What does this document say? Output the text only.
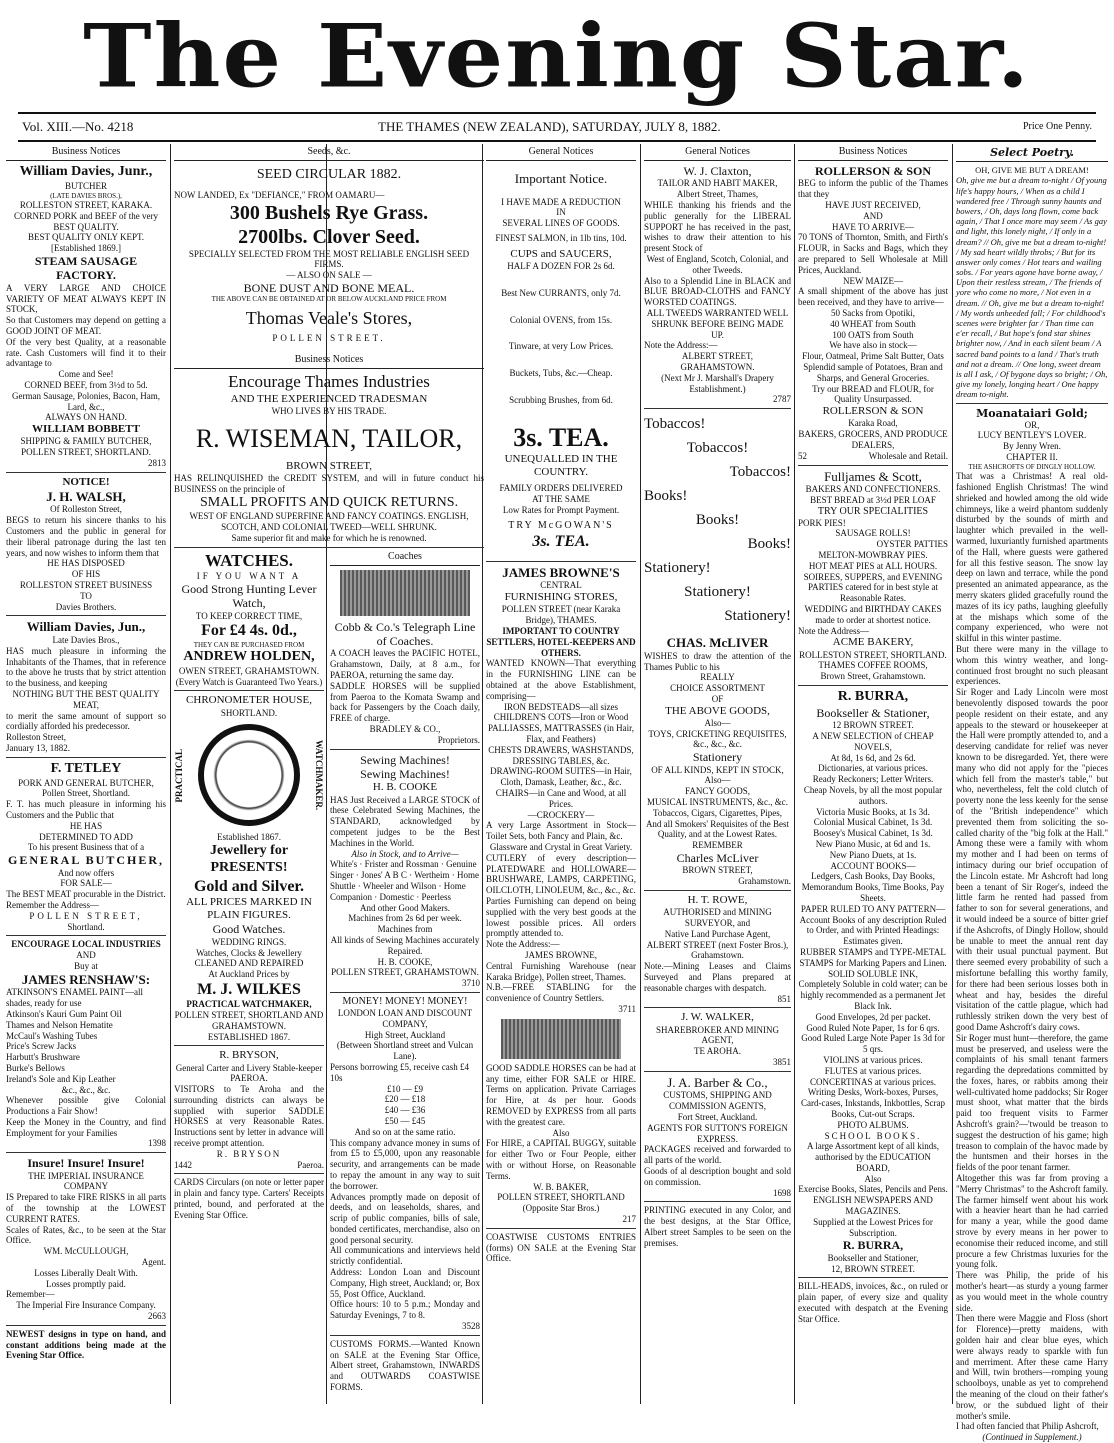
The Evening Star.
Vol. XIII.—No. 4218	THE THAMES (NEW ZEALAND), SATURDAY, JULY 8, 1882.	Price One Penny.
Business Notices
William Davies, Junr.,
BUTCHER
(LATE DAVIES BROS.),
ROLLESTON STREET, KARAKA.
CORNED PORK and BEEF of the very BEST QUALITY.
BEST QUALITY ONLY KEPT.
[Established 1869.]
STEAM SAUSAGE FACTORY.
A VERY LARGE AND CHOICE VARIETY OF MEAT ALWAYS KEPT IN STOCK,
So that Customers may depend on getting a GOOD JOINT OF MEAT.
Of the very best Quality, at a reasonable rate. Cash Customers will find it to their advantage to
Come and See!
CORNED BEEF, from 3½d to 5d.
German Sausage, Polonies, Bacon, Ham, Lard, &c.,
ALWAYS ON HAND.
WILLIAM BOBBETT
SHIPPING & FAMILY BUTCHER, POLLEN STREET, SHORTLAND.
2813
NOTICE!
J. H. WALSH,
Of Rolleston Street,
BEGS to return his sincere thanks to his Customers and the public in general for their liberal patronage during the last ten years, and now wishes to inform them that
HE HAS DISPOSED
OF HIS
ROLLESTON STREET BUSINESS
TO
Davies Brothers.
William Davies, Jun.,
Late Davies Bros.,
HAS much pleasure in informing the Inhabitants of the Thames, that in reference to the above he trusts that by strict attention to the business, and keeping
NOTHING BUT THE BEST QUALITY MEAT,
to merit the same amount of support so cordially afforded his predecessor.
Rolleston Street,
January 13, 1882.
F. TETLEY
PORK AND GENERAL BUTCHER,
Pollen Street, Shortland.
F. T. has much pleasure in informing his Customers and the Public that
HE HAS
DETERMINED TO ADD
To his present Business that of a
GENERAL BUTCHER,
And now offers
FOR SALE—
The BEST MEAT procurable in the District.
Remember the Address—
POLLEN STREET,
Shortland.
ENCOURAGE LOCAL INDUSTRIES
AND
Buy at
JAMES RENSHAW'S:
ATKINSON'S ENAMEL PAINT—all shades, ready for use
Atkinson's Kauri Gum Paint Oil
Thames and Nelson Hematite
McCaul's Washing Tubes
Price's Screw Jacks
Harbutt's Brushware
Burke's Bellows
Ireland's Sole and Kip Leather
&c., &c., &c.
Whenever possible give Colonial Productions a Fair Show!
Keep the Money in the Country, and find Employment for your Families
1398
Insure! Insure! Insure!
THE IMPERIAL INSURANCE COMPANY
IS Prepared to take FIRE RISKS in all parts of the township at the LOWEST CURRENT RATES.
Scales of Rates, &c., to be seen at the Star Office.
WM. McCULLOUGH,
Agent.
Losses Liberally Dealt With.
Losses promptly paid.
Remember—
The Imperial Fire Insurance Company.
2663
NEWEST designs in type on hand, and constant additions being made at the Evening Star Office.
Seeds, &c.
SEED CIRCULAR 1882.
NOW LANDED, Ex "DEFIANCE," FROM OAMARU—
300 Bushels Rye Grass.
2700lbs. Clover Seed.
SPECIALLY SELECTED FROM THE MOST RELIABLE ENGLISH SEED FIRMS.
— ALSO ON SALE —
BONE DUST AND BONE MEAL.
THE ABOVE CAN BE OBTAINED AT OR BELOW AUCKLAND PRICE FROM
Thomas Veale's Stores,
POLLEN STREET.
Business Notices
Encourage Thames Industries
AND THE EXPERIENCED TRADESMAN
WHO LIVES BY HIS TRADE.
R. WISEMAN, TAILOR,
BROWN STREET,
HAS RELINQUISHED the CREDIT SYSTEM, and will in future conduct his BUSINESS on the principle of
SMALL PROFITS AND QUICK RETURNS.
WEST OF ENGLAND SUPERFINE AND FANCY COATINGS. ENGLISH, SCOTCH, AND COLONIAL TWEED—WELL SHRUNK.
Same superior fit and make for which he is renowned.
WATCHES.
IF YOU WANT A
Good Strong Hunting Lever Watch,
TO KEEP CORRECT TIME,
For £4 4s. 0d.,
THEY CAN BE PURCHASED FROM
ANDREW HOLDEN,
OWEN STREET, GRAHAMSTOWN.
(Every Watch is Guaranteed Two Years.)
CHRONOMETER HOUSE,
SHORTLAND.
PRACTICAL	WATCHMAKER.
Established 1867.
Jewellery for PRESENTS!
Gold and Silver.
ALL PRICES MARKED IN PLAIN FIGURES.
Good Watches.
WEDDING RINGS.
Watches, Clocks & Jewellery
CLEANED AND REPAIRED
At Auckland Prices by
M. J. WILKES
PRACTICAL WATCHMAKER,
POLLEN STREET, SHORTLAND AND GRAHAMSTOWN.
ESTABLISHED 1867.
R. BRYSON,
General Carter and Livery Stable-keeper PAEROA.
VISITORS to Te Aroha and the surrounding districts can always be supplied with superior SADDLE HORSES at very Reasonable Rates. Instructions sent by letter in advance will receive prompt attention.
R. BRYSON
1442	Paeroa.
CARDS Circulars (on note or letter paper in plain and fancy type. Carters' Receipts printed, bound, and perforated at the Evening Star Office.
Coaches
Cobb & Co.'s Telegraph Line of Coaches.
A COACH leaves the PACIFIC HOTEL, Grahamstown, Daily, at 8 a.m., for PAEROA, returning the same day.
SADDLE HORSES will be supplied from Paeroa to the Komata Swamp and back for Passengers by the Coach daily, FREE of charge.
BRADLEY & CO.,
Proprietors.
Sewing Machines!
Sewing Machines!
H. B. COOKE
HAS Just Received a LARGE STOCK of these Celebrated Sewing Machines, the STANDARD, acknowledged by competent judges to be the Best Machines in the World.
Also in Stock, and to Arrive—
White's · Frister and Rossman · Genuine Singer · Jones' A B C · Wertheim · Home Shuttle · Wheeler and Wilson · Home Companion · Domestic · Peerless
And other Good Makers.
Machines from 2s 6d per week. Machines from
All kinds of Sewing Machines accurately Repaired.
H. B. COOKE,
POLLEN STREET, GRAHAMSTOWN.
3710
MONEY! MONEY! MONEY!
LONDON LOAN AND DISCOUNT COMPANY,
High Street, Auckland
(Between Shortland street and Vulcan Lane).
Persons borrowing £5, receive cash £4 10s
£10 — £9
£20 — £18
£40 — £36
£50 — £45
And so on at the same ratio.
This company advance money in sums of from £5 to £5,000, upon any reasonable security, and arrangements can be made to repay the amount in any way to suit the borrower.
Advances promptly made on deposit of deeds, and on leaseholds, shares, and scrip of public companies, bills of sale, bonded certificates, merchandise, also on good personal security.
All communications and interviews held strictly confidential.
Address: London Loan and Discount Company, High street, Auckland; or, Box 55, Post Office, Auckland.
Office hours: 10 to 5 p.m.; Monday and Saturday Evenings, 7 to 8.
3528
CUSTOMS FORMS.—Wanted Known on SALE at the Evening Star Office, Albert street, Grahamstown, INWARDS and OUTWARDS COASTWISE FORMS.
General Notices
Important Notice.
I HAVE MADE A REDUCTION
IN
SEVERAL LINES OF GOODS.
FINEST SALMON, in 1lb tins, 10d.
CUPS and SAUCERS,
HALF A DOZEN FOR 2s 6d.
Best New CURRANTS, only 7d.
Colonial OVENS, from 15s.
Tinware, at very Low Prices.
Buckets, Tubs, &c.—Cheap.
Scrubbing Brushes, from 6d.
3s. TEA.
UNEQUALLED IN THE COUNTRY.
FAMILY ORDERS DELIVERED
AT THE SAME
Low Rates for Prompt Payment.
TRY McGOWAN'S
3s. TEA.
JAMES BROWNE'S
CENTRAL
FURNISHING STORES,
POLLEN STREET (near Karaka Bridge), THAMES.
IMPORTANT TO COUNTRY SETTLERS, HOTEL-KEEPERS AND OTHERS.
WANTED KNOWN—That everything in the FURNISHING LINE can be obtained at the above Establishment, comprising—
IRON BEDSTEADS—all sizes
CHILDREN'S COTS—Iron or Wood
PALLIASSES, MATTRASSES (in Hair, Flax, and Feathers)
CHESTS DRAWERS, WASHSTANDS, DRESSING TABLES, &c.
DRAWING-ROOM SUITES—in Hair, Cloth, Damask, Leather, &c., &c.
CHAIRS—in Cane and Wood, at all Prices.
—CROCKERY—
A very Large Assortment in Stock—Toilet Sets, both Fancy and Plain, &c.
Glassware and Crystal in Great Variety.
CUTLERY of every description—PLATEDWARE and HOLLOWARE—BRUSHWARE, LAMPS, CARPETING, OILCLOTH, LINOLEUM, &c., &c., &c.
Parties Furnishing can depend on being supplied with the very best goods at the lowest possible prices. All orders promptly attended to.
Note the Address:—
JAMES BROWNE,
Central Furnishing Warehouse (near Karaka Bridge), Pollen street, Thames.
N.B.—FREE STABLING for the convenience of Country Settlers.
3711
GOOD SADDLE HORSES can be had at any time, either FOR SALE or HIRE. Terms on application. Private Carriages for Hire, at 4s per hour. Goods REMOVED by EXPRESS from all parts with the greatest care.
Also
For HIRE, a CAPITAL BUGGY, suitable for either Two or Four People, either with or without Horse, on Reasonable Terms.
W. B. BAKER,
POLLEN STREET, SHORTLAND
(Opposite Star Bros.)
217
COASTWISE CUSTOMS ENTRIES (forms) ON SALE at the Evening Star Office.
General Notices
W. J. Claxton,
TAILOR AND HABIT MAKER,
Albert Street, Thames,
WHILE thanking his friends and the public generally for the LIBERAL SUPPORT he has received in the past, wishes to draw their attention to his present Stock of
West of England, Scotch, Colonial, and other Tweeds.
Also to a Splendid Line in BLACK and BLUE BROAD-CLOTHS and FANCY WORSTED COATINGS.
ALL TWEEDS WARRANTED WELL SHRUNK BEFORE BEING MADE UP.
Note the Address:—
ALBERT STREET, GRAHAMSTOWN.
(Next Mr J. Marshall's Drapery Establishment.)
2787
Tobaccos!
Tobaccos!
Tobaccos!
Books!
Books!
Books!
Stationery!
Stationery!
Stationery!
CHAS. McLIVER
WISHES to draw the attention of the Thames Public to his
REALLY
CHOICE ASSORTMENT
OF
THE ABOVE GOODS,
Also—
TOYS, CRICKETING REQUISITES, &c., &c., &c.
Stationery
OF ALL KINDS, KEPT IN STOCK,
Also—
FANCY GOODS,
MUSICAL INSTRUMENTS, &c., &c.
Tobaccos, Cigars, Cigarettes, Pipes,
And all Smokers' Requisites of the Best Quality, and at the Lowest Rates.
REMEMBER
Charles McLiver
BROWN STREET,
Grahamstown.
H. T. ROWE,
AUTHORISED and MINING SURVEYOR, and
Native Land Purchase Agent,
ALBERT STREET (next Foster Bros.), Grahamstown.
Note.—Mining Leases and Claims Surveyed and Plans prepared at reasonable charges with despatch.
851
J. W. WALKER,
SHAREBROKER AND MINING AGENT,
TE AROHA.
3851
J. A. Barber & Co.,
CUSTOMS, SHIPPING AND COMMISSION AGENTS,
Fort Street, Auckland.
AGENTS FOR SUTTON'S FOREIGN EXPRESS.
PACKAGES received and forwarded to all parts of the world.
Goods of al description bought and sold on commission.
1698
PRINTING executed in any Color, and the best designs, at the Star Office, Albert street Samples to be seen on the premises.
Business Notices
ROLLERSON & SON
BEG to inform the public of the Thames that they
HAVE JUST RECEIVED,
AND
HAVE TO ARRIVE—
70 TONS of Thornton, Smith, and Firth's FLOUR, in Sacks and Bags, which they are prepared to Sell Wholesale at Mill Prices, Auckland.
NEW MAIZE—
A small shipment of the above has just been received, and they have to arrive—
50 Sacks from Opotiki,
40 WHEAT from South
100 OATS from South
We have also in stock—
Flour, Oatmeal, Prime Salt Butter, Oats Splendid sample of Potatoes, Bran and Sharps, and General Groceries.
Try our BREAD and FLOUR, for Quality Unsurpassed.
ROLLERSON & SON
Karaka Road,
BAKERS, GROCERS, AND PRODUCE DEALERS,
52	Wholesale and Retail.
Fulljames & Scott,
BAKERS AND CONFECTIONERS.
BEST BREAD at 3½d PER LOAF
TRY OUR SPECIALITIES
PORK PIES!
SAUSAGE ROLLS!
OYSTER PATTIES
MELTON-MOWBRAY PIES.
HOT MEAT PIES at ALL HOURS.
SOIREES, SUPPERS, and EVENING PARTIES catered for in best style at Reasonable Rates.
WEDDING and BIRTHDAY CAKES made to order at shortest notice.
Note the Address—
ACME BAKERY,
ROLLESTON STREET, SHORTLAND.
THAMES COFFEE ROOMS,
Brown Street, Grahamstown.
R. BURRA,
Bookseller & Stationer,
12 BROWN STREET.
A NEW SELECTION of CHEAP NOVELS,
At 8d, 1s 6d, and 2s 6d.
Dictionaries, at various prices.
Ready Reckoners; Letter Writers.
Cheap Novels, by all the most popular authors.
Victoria Music Books, at 1s 3d.
Colonial Musical Cabinet, 1s 3d.
Boosey's Musical Cabinet, 1s 3d.
New Piano Music, at 6d and 1s.
New Piano Duets, at 1s.
ACCOUNT BOOKS—
Ledgers, Cash Books, Day Books, Memorandum Books, Time Books, Pay Sheets.
PAPER RULED TO ANY PATTERN—
Account Books of any description Ruled to Order, and with Printed Headings: Estimates given.
RUBBER STAMPS and TYPE-METAL STAMPS for Marking Papers and Linen.
SOLID SOLUBLE INK,
Completely Soluble in cold water; can be highly recommended as a permanent Jet Black Ink.
Good Envelopes, 2d per packet.
Good Ruled Note Paper, 1s for 6 qrs.
Good Ruled Large Note Paper 1s 3d for 5 qrs.
VIOLINS at various prices.
FLUTES at various prices.
CONCERTINAS at various prices.
Writing Desks, Work-boxes, Purses, Card-cases, Inkstands, Inkbottles, Scrap Books, Cut-out Scraps.
PHOTO ALBUMS.
SCHOOL BOOKS.
A large Assortment kept of all kinds, authorised by the EDUCATION BOARD,
Also
Exercise Books, Slates, Pencils and Pens.
ENGLISH NEWSPAPERS AND MAGAZINES.
Supplied at the Lowest Prices for Subscription.
R. BURRA,
Bookseller and Stationer,
12, BROWN STREET.
BILL-HEADS, invoices, &c., on ruled or plain paper, of every size and quality executed with despatch at the Evening Star Office.
Select Poetry.
OH, GIVE ME BUT A DREAM!
Oh, give me but a dream to-night / Of young life's happy hours, / When as a child I wandered free / Through sunny haunts and bowers, / Oh, days long flown, come back again, / That I once more may seem / As gay and light, this lonely night, / If only in a dream? // Oh, give me but a dream to-night! / My sad heart wildly throbs; / But for its answer only comes / Hot tears and wailing sobs. / For years agone have borne away, / Upon their restless stream, / The friends of yore who come no more, / Not even in a dream. // Oh, give me but a dream to-night! / My words unheeded fall; / For childhood's scenes were brighter far / Than time can e'er recall, / But hope's fond star shines brighter now, / And in each silent beam / A sacred band points to a land / That's truth and not a dream. // One long, sweet dream is all I ask, / Of bygone days so bright; / Oh, give my lonely, longing heart / One happy dream to-night.
Moanataiari Gold;
OR,
LUCY BENTLEY'S LOVER.
By Jenny Wren.
CHAPTER II.
THE ASHCROFTS OF DINGLY HOLLOW.
That was a Christmas! A real old-fashioned English Christmas! The wind shrieked and howled among the old wide chimneys, like a weird phantom suddenly disturbed by the sounds of mirth and laughter which prevailed in the well-warmed, luxuriantly furnished apartments of the Hall, where guests were gathered for all this festive season. The snow lay deep on lawn and terrace, while the pond presented an animated appearance, as the merry skaters glided gracefully round the mazes of its icy paths, laughing gleefully at the mishaps which some of the company experienced, who were not skilful in this winter pastime.
But there were many in the village to whom this wintry weather, and long-continued frost brought no such pleasant experiences.
Sir Roger and Lady Lincoln were most benevolently disposed towards the poor people resident on their estate, and any appeals to the steward or housekeeper at the Hall were promptly attended to, and a deserving candidate for relief was never known to be disregarded. Yet, there were many who did not apply for the "pieces which fell from the master's table," but who, nevertheless, felt the cold clutch of poverty none the less keenly for the sense of the "British independence" which prevented them from soliciting the so-called charity of the "big folk at the Hall." Among these were a family with whom my mother and I had been on terms of intimacy during our brief occupation of the Lincoln estate. Mr Ashcroft had long been a tenant of Sir Roger's, indeed the little farm he rented had passed from father to son for several generations, and it would indeed be a source of bitter grief if the Ashcrofts, of Dingly Hollow, should be unable to meet the annual rent day with their usual punctual payment. But there seemed every probability of such a misfortune befalling this worthy family, for there had been serious losses both in wheat and hay, besides the direful visitation of the cattle plague, which had ruthlessly striken down the very best of good Dame Ashcroft's dairy cows.
Sir Roger must hunt—therefore, the game must be preserved, and useless were the complaints of his small tenant farmers regarding the depredations committed by the foxes, hares, or rabbits among their well-cultivated home paddocks; Sir Roger must shoot, what matter that the birds paid too frequent visits to Farmer Ashcroft's grain?—'twould be treason to suggest the destruction of his game; high treason to complain of the havoc made by the huntsmen and their horses in the fields of the poor tenant farmer.
Altogether this was far from proving a "Merry Christmas" to the Ashcroft family. The farmer himself went about his work with a heavier heart than he had carried for many a year, while the good dame strove by every means in her power to economise their reduced income, and still procure a few Christmas luxuries for the young folk.
There was Philip, the pride of his mother's heart—as sturdy a young farmer as you would meet in the whole country side.
Then there were Maggie and Floss (short for Florence)—pretty maidens, with golden hair and clear blue eyes, which were always ready to sparkle with fun and merriment. After these came Harry and Will, twin brothers—romping young schoolboys, unable as yet to comprehend the meaning of the cloud on their father's brow, or the subdued light of their mother's smile.
I had often fancied that Philip Ashcroft,
(Continued in Supplement.)
